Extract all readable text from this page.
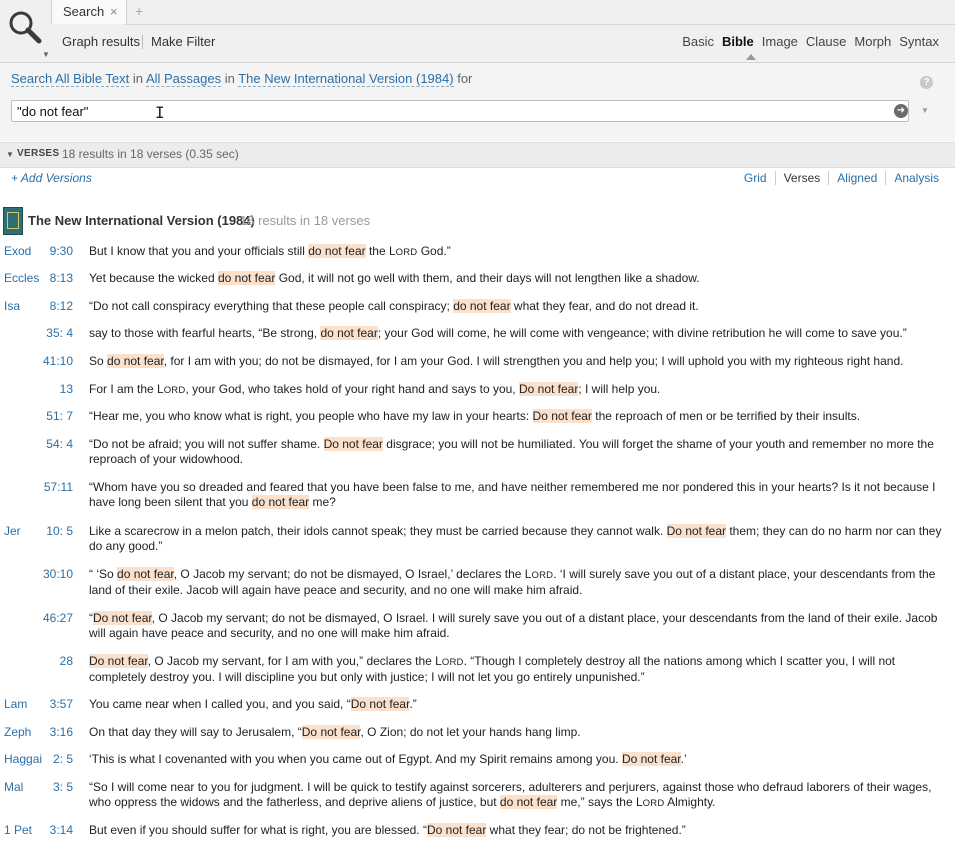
▼
Search × +
Graph results Make Filter	Basic Bible Image Clause Morph Syntax
Search All Bible Text in All Passages in The New International Version (1984) for	?
"do not fear"
➜	▼
I
▼ VERSES 18 results in 18 verses (0.35 sec)
+ Add Versions	Grid	Verses	Aligned	Analysis
The New International Version (1984)
18 results in 18 verses
Exod	9:30 But I know that you and your officials still do not fear the LORD God.”
Eccles 8:13 Yet because the wicked do not fear God, it will not go well with them, and their days will not lengthen like a shadow.
Isa	8:12 “Do not call conspiracy everything that these people call conspiracy; do not fear what they fear, and do not dread it.
35: 4 say to those with fearful hearts, “Be strong, do not fear; your God will come, he will come with vengeance; with divine retribution he will come to save you.”
41:10 So do not fear, for I am with you; do not be dismayed, for I am your God. I will strengthen you and help you; I will uphold you with my righteous right hand.
13 For I am the LORD, your God, who takes hold of your right hand and says to you, Do not fear; I will help you.
51: 7 “Hear me, you who know what is right, you people who have my law in your hearts: Do not fear the reproach of men or be terrified by their insults.
54: 4 “Do not be afraid; you will not suffer shame. Do not fear disgrace; you will not be humiliated. You will forget the shame of your youth and remember no more the reproach of your widowhood.
57:11 “Whom have you so dreaded and feared that you have been false to me, and have neither remembered me nor pondered this in your hearts? Is it not because I have long been silent that you do not fear me?
Jer	10: 5 Like a scarecrow in a melon patch, their idols cannot speak; they must be carried because they cannot walk. Do not fear them; they can do no harm nor can they do any good.”
30:10 “ ‘So do not fear, O Jacob my servant; do not be dismayed, O Israel,’ declares the LORD. ‘I will surely save you out of a distant place, your descendants from the land of their exile. Jacob will again have peace and security, and no one will make him afraid.
46:27 “Do not fear, O Jacob my servant; do not be dismayed, O Israel. I will surely save you out of a distant place, your descendants from the land of their exile. Jacob will again have peace and security, and no one will make him afraid.
28 Do not fear, O Jacob my servant, for I am with you,” declares the LORD. “Though I completely destroy all the nations among which I scatter you, I will not completely destroy you. I will discipline you but only with justice; I will not let you go entirely unpunished.”
Lam	3:57 You came near when I called you, and you said, “Do not fear.”
Zeph	3:16 On that day they will say to Jerusalem, “Do not fear, O Zion; do not let your hands hang limp.
Haggai 2: 5 ‘This is what I covenanted with you when you came out of Egypt. And my Spirit remains among you. Do not fear.’
Mal	3: 5 “So I will come near to you for judgment. I will be quick to testify against sorcerers, adulterers and perjurers, against those who defraud laborers of their wages, who oppress the widows and the fatherless, and deprive aliens of justice, but do not fear me,” says the LORD Almighty.
1 Pet	3:14 But even if you should suffer for what is right, you are blessed. “Do not fear what they fear; do not be frightened.”
